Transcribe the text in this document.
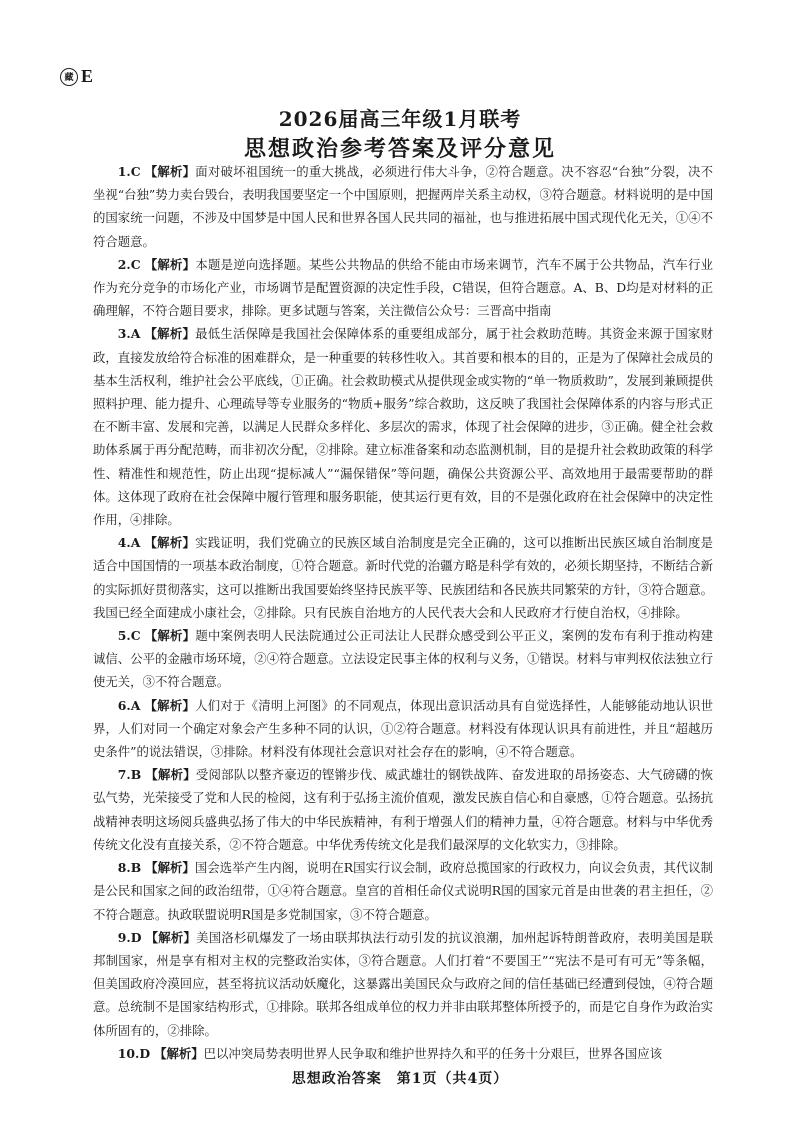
藏 E
2026届高三年级1月联考
思想政治参考答案及评分意见

1.C 【解析】面对破坏祖国统一的重大挑战，必须进行伟大斗争，②符合题意。决不容忍“台独”分裂，决不坐视“台独”势力卖台毁台，表明我国要坚定一个中国原则，把握两岸关系主动权，③符合题意。材料说明的是中国的国家统一问题，不涉及中国梦是中国人民和世界各国人民共同的福祉，也与推进拓展中国式现代化无关，①④不符合题意。

2.C 【解析】本题是逆向选择题。某些公共物品的供给不能由市场来调节，汽车不属于公共物品，汽车行业作为充分竞争的市场化产业，市场调节是配置资源的决定性手段，C错误，但符合题意。A、B、D均是对材料的正确理解，不符合题目要求，排除。更多试题与答案，关注微信公众号：三晋高中指南

3.A 【解析】最低生活保障是我国社会保障体系的重要组成部分，属于社会救助范畴。其资金来源于国家财政，直接发放给符合标准的困难群众，是一种重要的转移性收入。其首要和根本的目的，正是为了保障社会成员的基本生活权利，维护社会公平底线，①正确。社会救助模式从提供现金或实物的“单一物质救助”，发展到兼顾提供照料护理、能力提升、心理疏导等专业服务的“物质+服务”综合救助，这反映了我国社会保障体系的内容与形式正在不断丰富、发展和完善，以满足人民群众多样化、多层次的需求，体现了社会保障的进步，③正确。健全社会救助体系属于再分配范畴，而非初次分配，②排除。建立标准备案和动态监测机制，目的是提升社会救助政策的科学性、精准性和规范性，防止出现“提标减人”“漏保错保”等问题，确保公共资源公平、高效地用于最需要帮助的群体。这体现了政府在社会保障中履行管理和服务职能，使其运行更有效，目的不是强化政府在社会保障中的决定性作用，④排除。

4.A 【解析】实践证明，我们党确立的民族区域自治制度是完全正确的，这可以推断出民族区域自治制度是适合中国国情的一项基本政治制度，①符合题意。新时代党的治疆方略是科学有效的，必须长期坚持，不断结合新的实际抓好贯彻落实，这可以推断出我国要始终坚持民族平等、民族团结和各民族共同繁荣的方针，③符合题意。我国已经全面建成小康社会，②排除。只有民族自治地方的人民代表大会和人民政府才行使自治权，④排除。

5.C 【解析】题中案例表明人民法院通过公正司法让人民群众感受到公平正义，案例的发布有利于推动构建诚信、公平的金融市场环境，②④符合题意。立法设定民事主体的权利与义务，①错误。材料与审判权依法独立行使无关，③不符合题意。

6.A 【解析】人们对于《清明上河图》的不同观点，体现出意识活动具有自觉选择性，人能够能动地认识世界，人们对同一个确定对象会产生多种不同的认识，①②符合题意。材料没有体现认识具有前进性，并且“超越历史条件”的说法错误，③排除。材料没有体现社会意识对社会存在的影响，④不符合题意。

7.B 【解析】受阅部队以整齐豪迈的铿锵步伐、威武雄壮的钢铁战阵、奋发进取的昂扬姿态、大气磅礴的恢弘气势，光荣接受了党和人民的检阅，这有利于弘扬主流价值观，激发民族自信心和自豪感，①符合题意。弘扬抗战精神表明这场阅兵盛典弘扬了伟大的中华民族精神，有利于增强人们的精神力量，④符合题意。材料与中华优秀传统文化没有直接关系，②不符合题意。中华优秀传统文化是我们最深厚的文化软实力，③排除。

8.B 【解析】国会选举产生内阁，说明在R国实行议会制，政府总揽国家的行政权力，向议会负责，其代议制是公民和国家之间的政治纽带，①④符合题意。皇宫的首相任命仪式说明R国的国家元首是由世袭的君主担任，②不符合题意。执政联盟说明R国是多党制国家，③不符合题意。

9.D 【解析】美国洛杉矶爆发了一场由联邦执法行动引发的抗议浪潮，加州起诉特朗普政府，表明美国是联邦制国家，州是享有相对主权的完整政治实体，③符合题意。人们打着“不要国王”“宪法不是可有可无”等条幅，但美国政府冷漠回应，甚至将抗议活动妖魔化，这暴露出美国民众与政府之间的信任基础已经遭到侵蚀，④符合题意。总统制不是国家结构形式，①排除。联邦各组成单位的权力并非由联邦整体所授予的，而是它自身作为政治实体所固有的，②排除。

10.D 【解析】巴以冲突局势表明世界人民争取和维护世界持久和平的任务十分艰巨，世界各国应该

思想政治答案　第1页（共4页）
